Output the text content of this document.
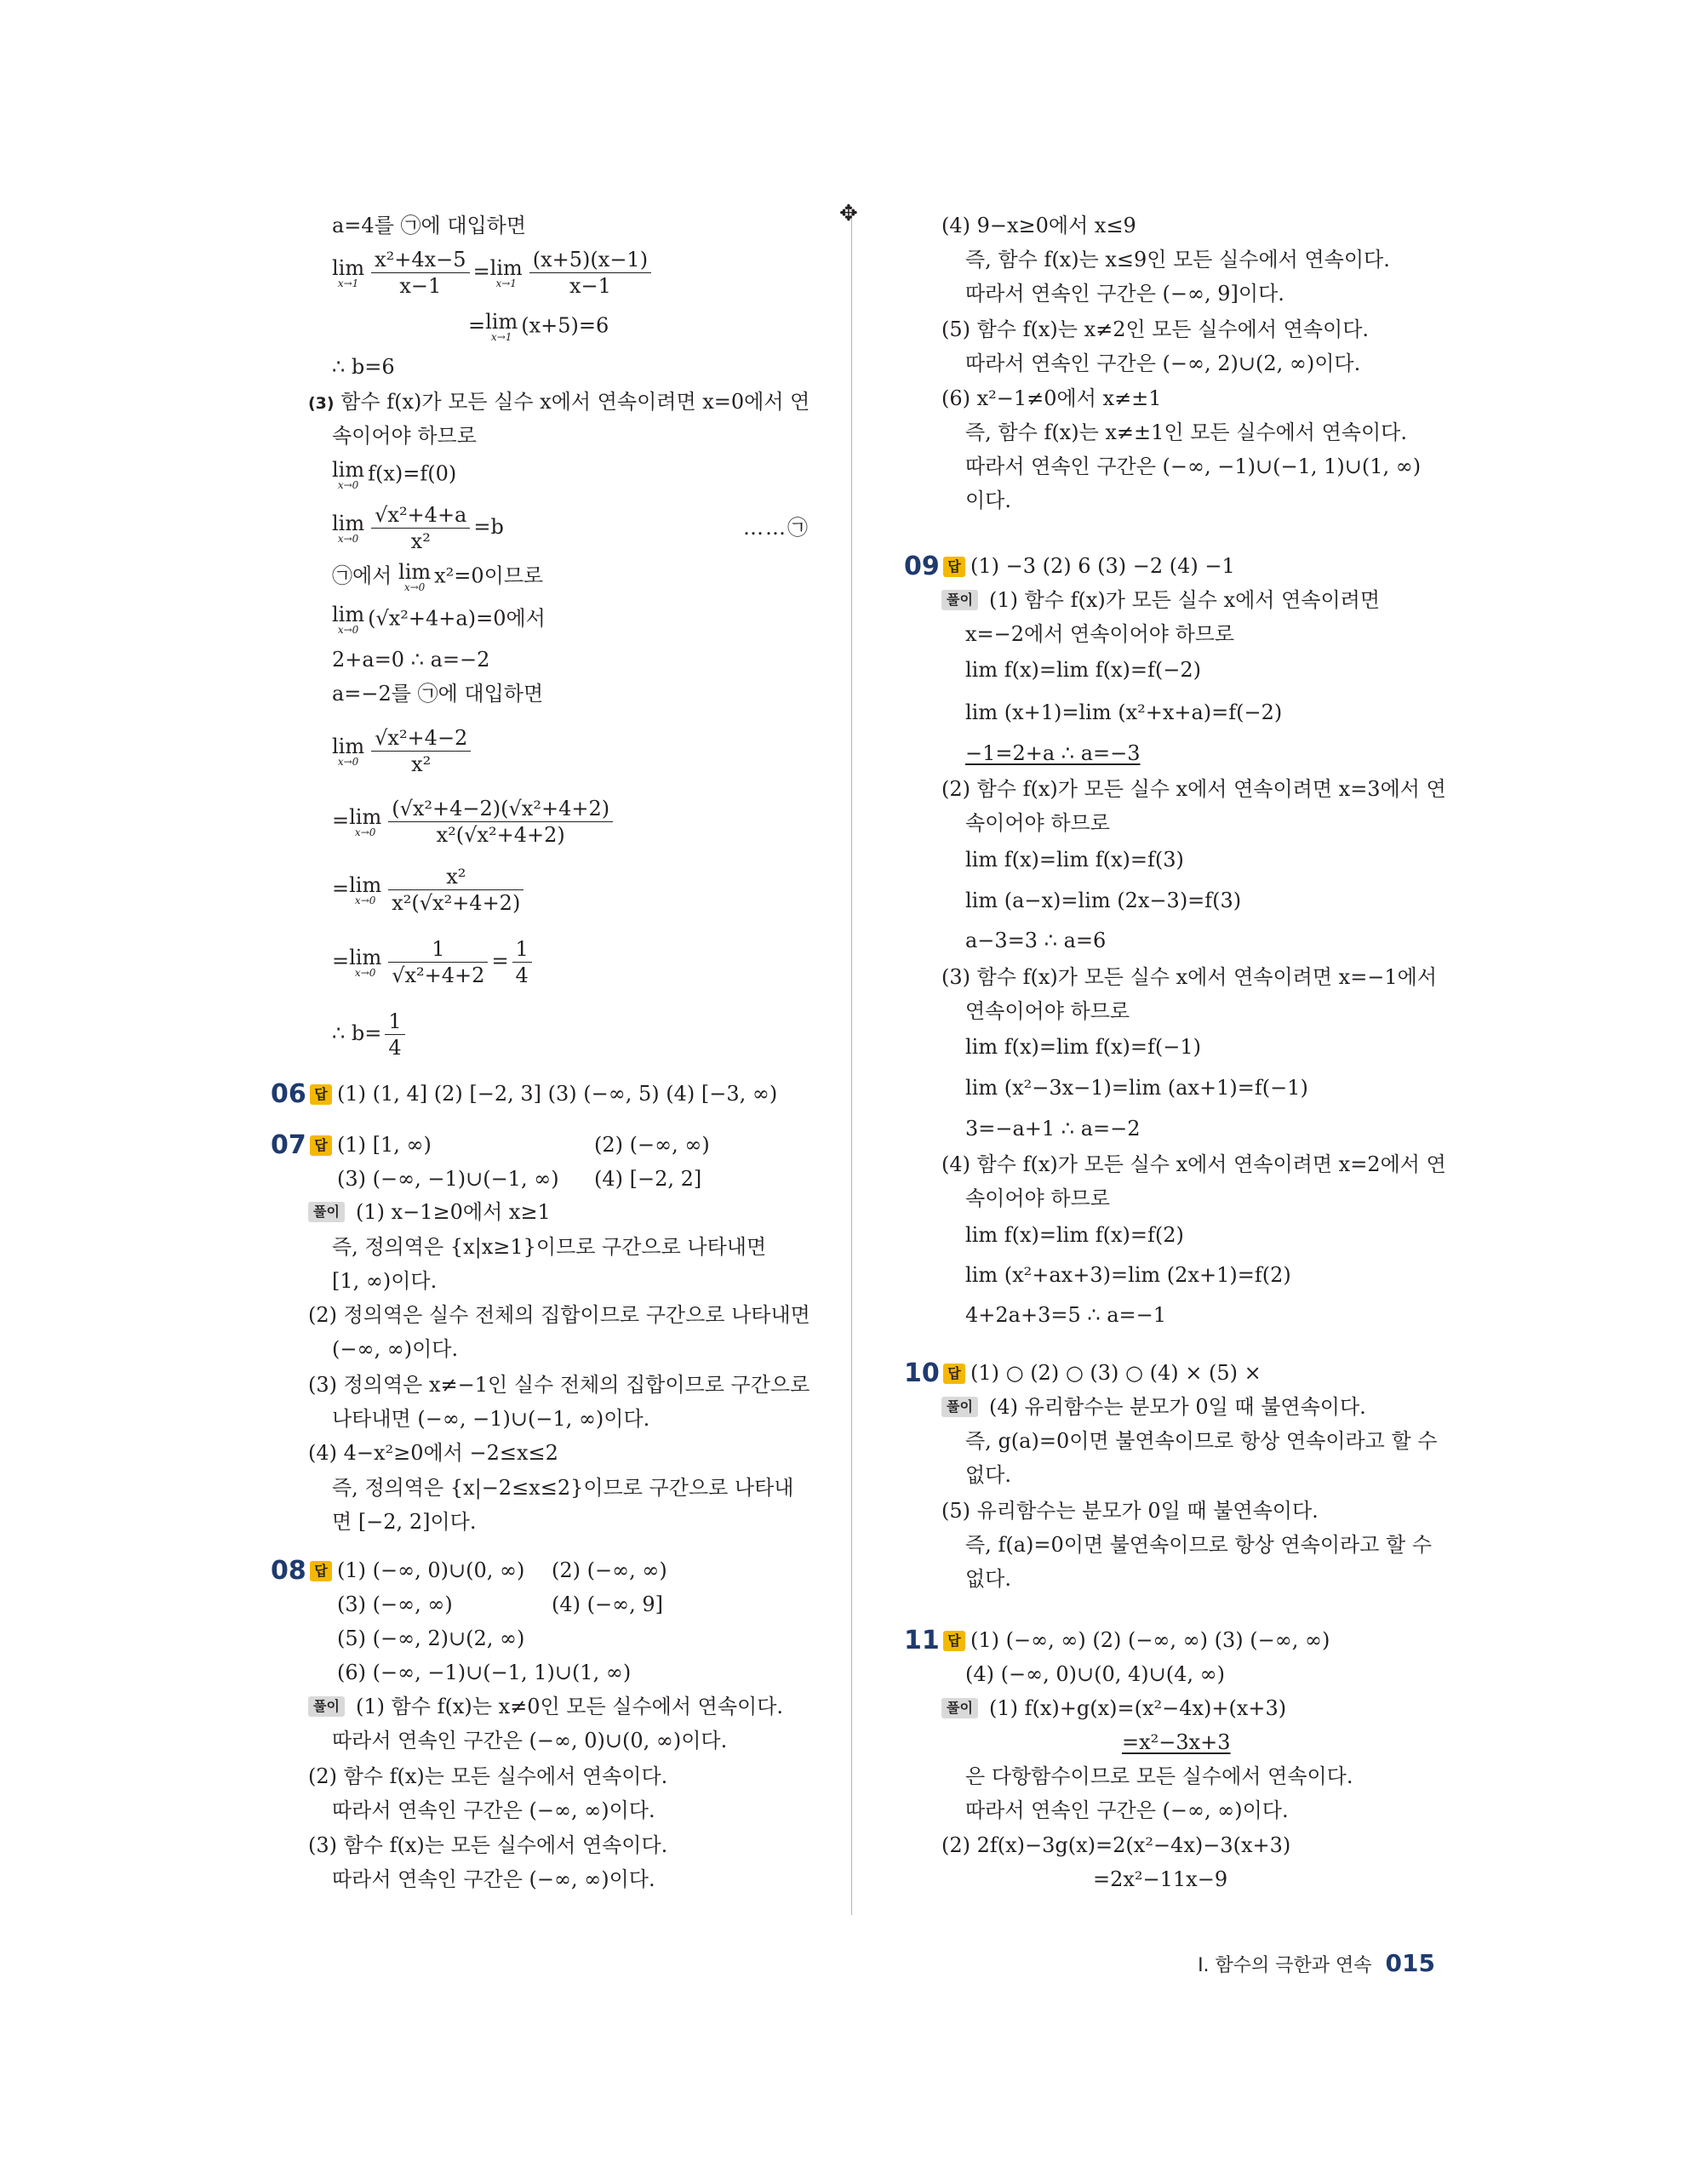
✥
a=4를 ㉠에 대입하면
lim
$x\to 1 \frac{\text{x²+4x−5}}{x-1} =\lim$
$x\to 1 \frac{(x+5)(x-1)}{x-1}$
=lim
x→1 (x+5)=6
∴ b=6
(3) 함수 f(x)가 모든 실수 x에서 연속이려면 x=0에서 연
속이어야 하므로
lim
x→0 f(x)=f(0)
lim
$x\to 0 \frac{\text{√x²+4+a}}{\text{x²}} =b$	……㉠
㉠에서 lim
x→0 x²=0이므로
lim
x→0 (√x²+4+a)=0에서
2+a=0 ∴ a=−2
a=−2를 ㉠에 대입하면
lim
$x\to 0 \frac{\text{√x²+4−2}}{\text{x²}}$
=lim
$x\to 0 \frac{\text{(√x²+4−2)(√x²+4+2)}}{\text{x²(√x²+4+2)}}$
=lim
$x\to 0 \frac{\text{x²}}{\text{x²(√x²+4+2)}}$
=lim
$x\to 0 \frac{1}{\text{√x²+4+2}} = \frac{1}{4}$
∴ $b= \frac{1}{4}$
06 답 (1) (1, 4] (2) [−2, 3] (3) (−∞, 5) (4) [−3, ∞)
07 답 (1) [1, ∞)	(2) (−∞, ∞)
(3) (−∞, −1)∪(−1, ∞) (4) [−2, 2]
풀이 (1) x−1≥0에서 x≥1
즉, 정의역은 {x|x≥1}이므로 구간으로 나타내면
[1, ∞)이다.
(2) 정의역은 실수 전체의 집합이므로 구간으로 나타내면
(−∞, ∞)이다.
(3) 정의역은 x≠−1인 실수 전체의 집합이므로 구간으로
나타내면 (−∞, −1)∪(−1, ∞)이다.
(4) 4−x²≥0에서 −2≤x≤2
즉, 정의역은 {x|−2≤x≤2}이므로 구간으로 나타내
면 [−2, 2]이다.
08 답 (1) (−∞, 0)∪(0, ∞) (2) (−∞, ∞)
(3) (−∞, ∞)	(4) (−∞, 9]
(5) (−∞, 2)∪(2, ∞)
(6) (−∞, −1)∪(−1, 1)∪(1, ∞)
풀이 (1) 함수 f(x)는 x≠0인 모든 실수에서 연속이다.
따라서 연속인 구간은 (−∞, 0)∪(0, ∞)이다.
(2) 함수 f(x)는 모든 실수에서 연속이다.
따라서 연속인 구간은 (−∞, ∞)이다.
(3) 함수 f(x)는 모든 실수에서 연속이다.
따라서 연속인 구간은 (−∞, ∞)이다.
(4) 9−x≥0에서 x≤9
즉, 함수 f(x)는 x≤9인 모든 실수에서 연속이다.
따라서 연속인 구간은 (−∞, 9]이다.
(5) 함수 f(x)는 x≠2인 모든 실수에서 연속이다.
따라서 연속인 구간은 (−∞, 2)∪(2, ∞)이다.
(6) x²−1≠0에서 x≠±1
즉, 함수 f(x)는 x≠±1인 모든 실수에서 연속이다.
따라서 연속인 구간은 (−∞, −1)∪(−1, 1)∪(1, ∞)
이다.
09 답 (1) −3 (2) 6 (3) −2 (4) −1
풀이 (1) 함수 f(x)가 모든 실수 x에서 연속이려면
x=−2에서 연속이어야 하므로
lim f(x)=lim f(x)=f(−2)
lim (x+1)=lim (x²+x+a)=f(−2)
−1=2+a ∴ a=−3
(2) 함수 f(x)가 모든 실수 x에서 연속이려면 x=3에서 연
속이어야 하므로
lim f(x)=lim f(x)=f(3)
lim (a−x)=lim (2x−3)=f(3)
a−3=3 ∴ a=6
(3) 함수 f(x)가 모든 실수 x에서 연속이려면 x=−1에서
연속이어야 하므로
lim f(x)=lim f(x)=f(−1)
lim (x²−3x−1)=lim (ax+1)=f(−1)
3=−a+1 ∴ a=−2
(4) 함수 f(x)가 모든 실수 x에서 연속이려면 x=2에서 연
속이어야 하므로
lim f(x)=lim f(x)=f(2)
lim (x²+ax+3)=lim (2x+1)=f(2)
4+2a+3=5 ∴ a=−1
10 답 (1) ○ (2) ○ (3) ○ (4) × (5) ×
풀이 (4) 유리함수는 분모가 0일 때 불연속이다.
즉, g(a)=0이면 불연속이므로 항상 연속이라고 할 수
없다.
(5) 유리함수는 분모가 0일 때 불연속이다.
즉, f(a)=0이면 불연속이므로 항상 연속이라고 할 수
없다.
11 답 (1) (−∞, ∞) (2) (−∞, ∞) (3) (−∞, ∞)
(4) (−∞, 0)∪(0, 4)∪(4, ∞)
풀이 (1) f(x)+g(x)=(x²−4x)+(x+3)
=x²−3x+3
은 다항함수이므로 모든 실수에서 연속이다.
따라서 연속인 구간은 (−∞, ∞)이다.
(2) 2f(x)−3g(x)=2(x²−4x)−3(x+3)
=2x²−11x−9
Ⅰ. 함수의 극한과 연속 015
